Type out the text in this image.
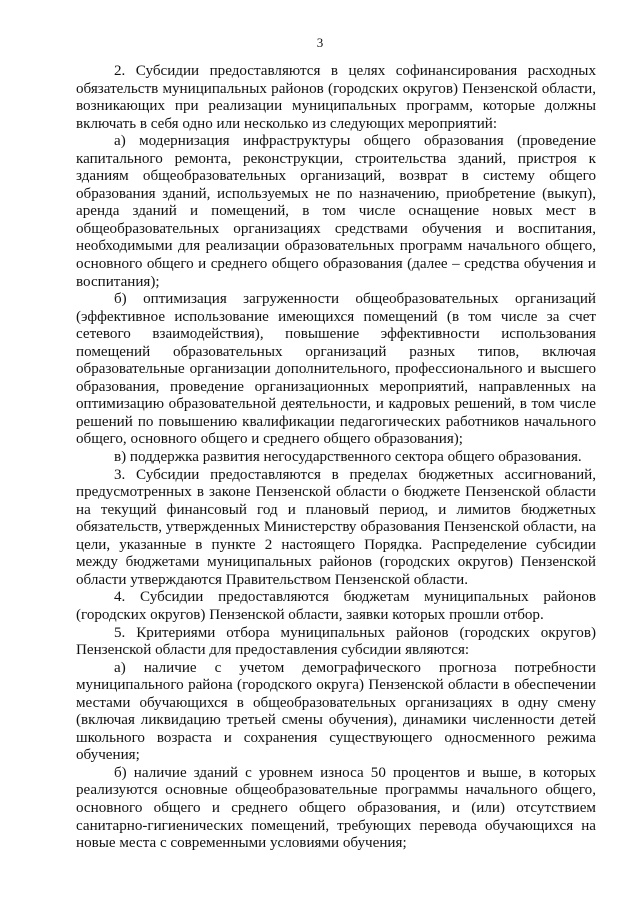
3

2. Субсидии предоставляются в целях софинансирования расходных обязательств муниципальных районов (городских округов) Пензенской области, возникающих при реализации муниципальных программ, которые должны включать в себя одно или несколько из следующих мероприятий:

а) модернизация инфраструктуры общего образования (проведение капитального ремонта, реконструкции, строительства зданий, пристроя к зданиям общеобразовательных организаций, возврат в систему общего образования зданий, используемых не по назначению, приобретение (выкуп), аренда зданий и помещений, в том числе оснащение новых мест в общеобразовательных организациях средствами обучения и воспитания, необходимыми для реализации образовательных программ начального общего, основного общего и среднего общего образования (далее – средства обучения и воспитания);

б) оптимизация загруженности общеобразовательных организаций (эффективное использование имеющихся помещений (в том числе за счет сетевого взаимодействия), повышение эффективности использования помещений образовательных организаций разных типов, включая образовательные организации дополнительного, профессионального и высшего образования, проведение организационных мероприятий, направленных на оптимизацию образовательной деятельности, и кадровых решений, в том числе решений по повышению квалификации педагогических работников начального общего, основного общего и среднего общего образования);

в) поддержка развития негосударственного сектора общего образования.

3. Субсидии предоставляются в пределах бюджетных ассигнований, предусмотренных в законе Пензенской области о бюджете Пензенской области на текущий финансовый год и плановый период, и лимитов бюджетных обязательств, утвержденных Министерству образования Пензенской области, на цели, указанные в пункте 2 настоящего Порядка. Распределение субсидии между бюджетами муниципальных районов (городских округов) Пензенской области утверждаются Правительством Пензенской области.

4. Субсидии предоставляются бюджетам муниципальных районов (городских округов) Пензенской области, заявки которых прошли отбор.

5. Критериями отбора муниципальных районов (городских округов) Пензенской области для предоставления субсидии являются:

а) наличие с учетом демографического прогноза потребности муниципального района (городского округа) Пензенской области в обеспечении местами обучающихся в общеобразовательных организациях в одну смену (включая ликвидацию третьей смены обучения), динамики численности детей школьного возраста и сохранения существующего односменного режима обучения;

б) наличие зданий с уровнем износа 50 процентов и выше, в которых реализуются основные общеобразовательные программы начального общего, основного общего и среднего общего образования, и (или) отсутствием санитарно-гигиенических помещений, требующих перевода обучающихся на новые места с современными условиями обучения;
